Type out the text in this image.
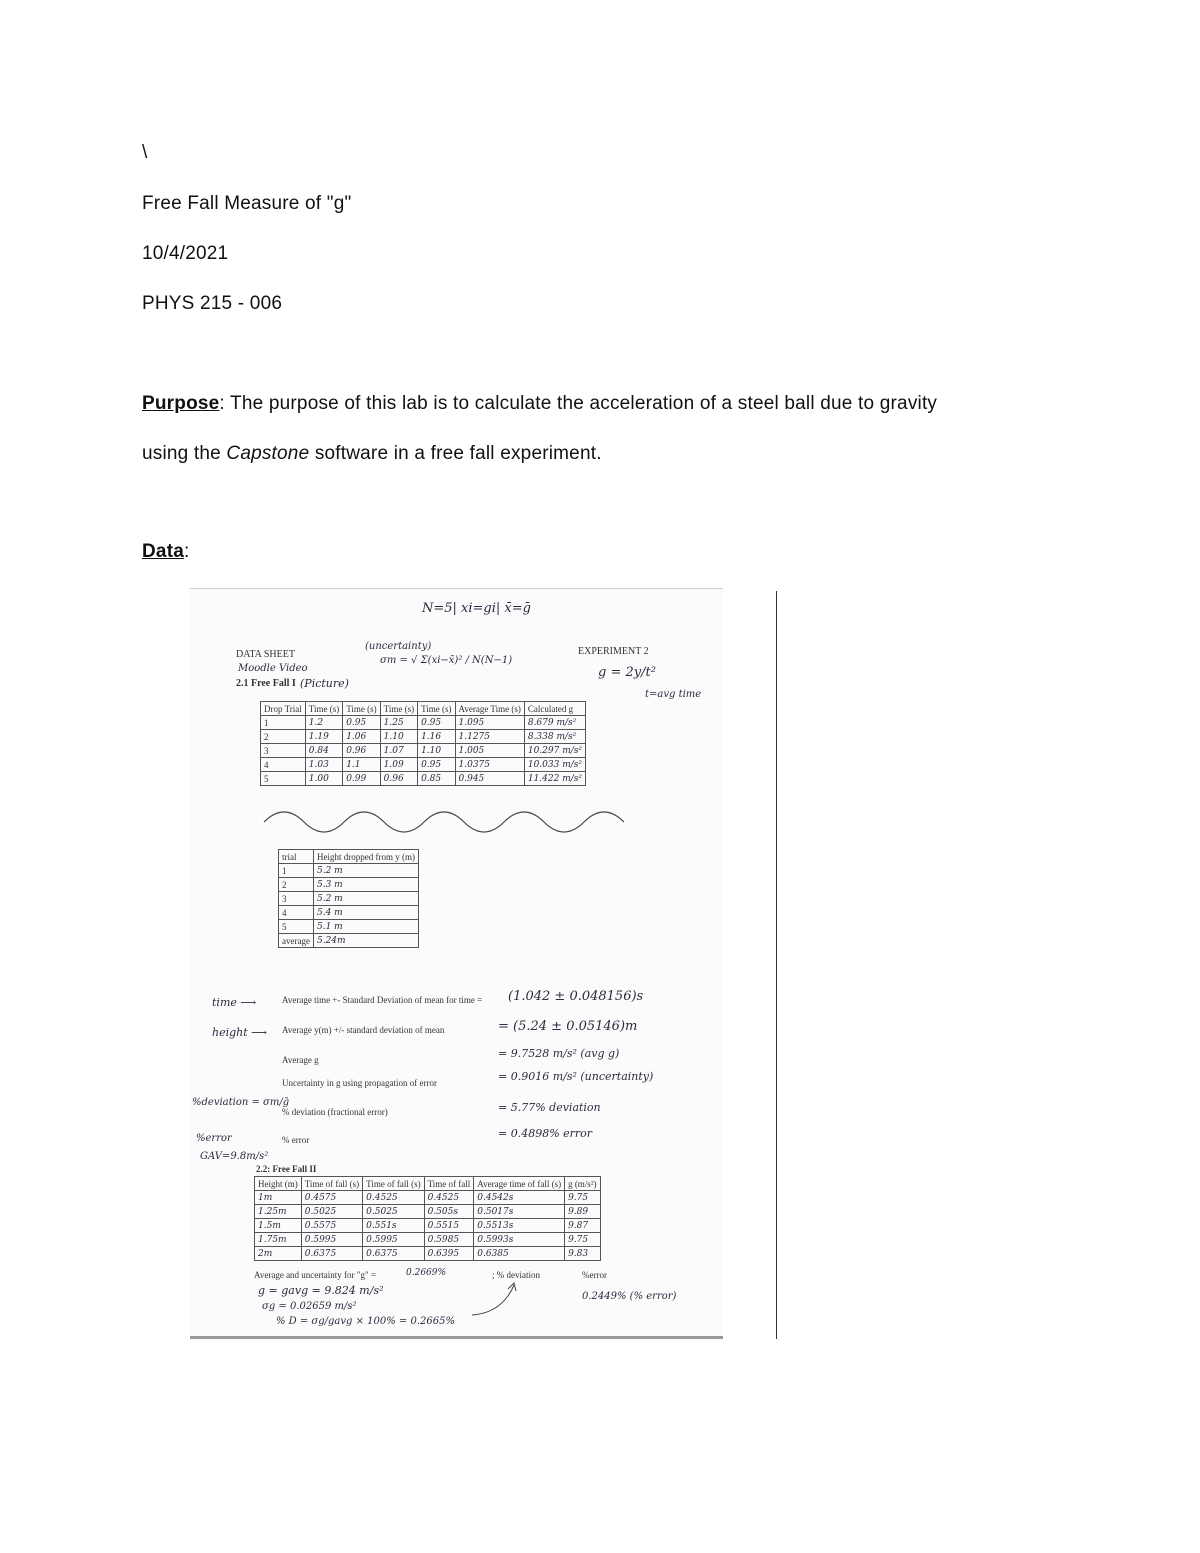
\
Free Fall Measure of "g"
10/4/2021
PHYS 215 - 006
Purpose: The purpose of this lab is to calculate the acceleration of a steel ball due to gravity
using the Capstone software in a free fall experiment.
Data:
N=5| xi=gi| x̄=ḡ
(uncertainty)
σm = √ Σ(xi−x̄)² / N(N−1)
DATA SHEET
Moodle Video
2.1 Free Fall I (Picture)
EXPERIMENT 2
g = 2y/t²
t=avg time
Drop Trial	Time (s)	Time (s)	Time (s)	Time (s)	Average Time (s)	Calculated g
1	1.2	0.95	1.25	0.95	1.095	8.679 m/s²
2	1.19	1.06	1.10	1.16	1.1275	8.338 m/s²
3	0.84	0.96	1.07	1.10	1.005	10.297 m/s²
4	1.03	1.1	1.09	0.95	1.0375	10.033 m/s²
5	1.00	0.99	0.96	0.85	0.945	11.422 m/s²
trial	Height dropped from y (m)
1	5.2 m
2	5.3 m
3	5.2 m
4	5.4 m
5	5.1 m
average	5.24m
time ⟶	Average time +- Standard Deviation of mean for time = (1.042 ± 0.048156)s
height ⟶ Average y(m) +/- standard deviation of mean	= (5.24 ± 0.05146)m
Average g	= 9.7528 m/s² (avg g)
Uncertainty in g using propagation of error	= 0.9016 m/s² (uncertainty)
%deviation = σm/ḡ
% deviation (fractional error)	= 5.77% deviation
%error	% error	= 0.4898% error
GAV=9.8m/s²
2.2: Free Fall II
Height (m)	Time of fall (s)	Time of fall (s)	Time of fall	Average time of fall (s)	g (m/s²)
1m	0.4575	0.4525	0.4525	0.4542s	9.75
1.25m	0.5025	0.5025	0.505s	0.5017s	9.89
1.5m	0.5575	0.551s	0.5515	0.5513s	9.87
1.75m	0.5995	0.5995	0.5985	0.5993s	9.75
2m	0.6375	0.6375	0.6395	0.6385	9.83
Average and uncertainty for "g" =	0.2669%	; % deviation	%error
g = gavg = 9.824 m/s²
σg = 0.02659 m/s²
% D = σg/gavg × 100% = 0.2665%
0.2449% (% error)
